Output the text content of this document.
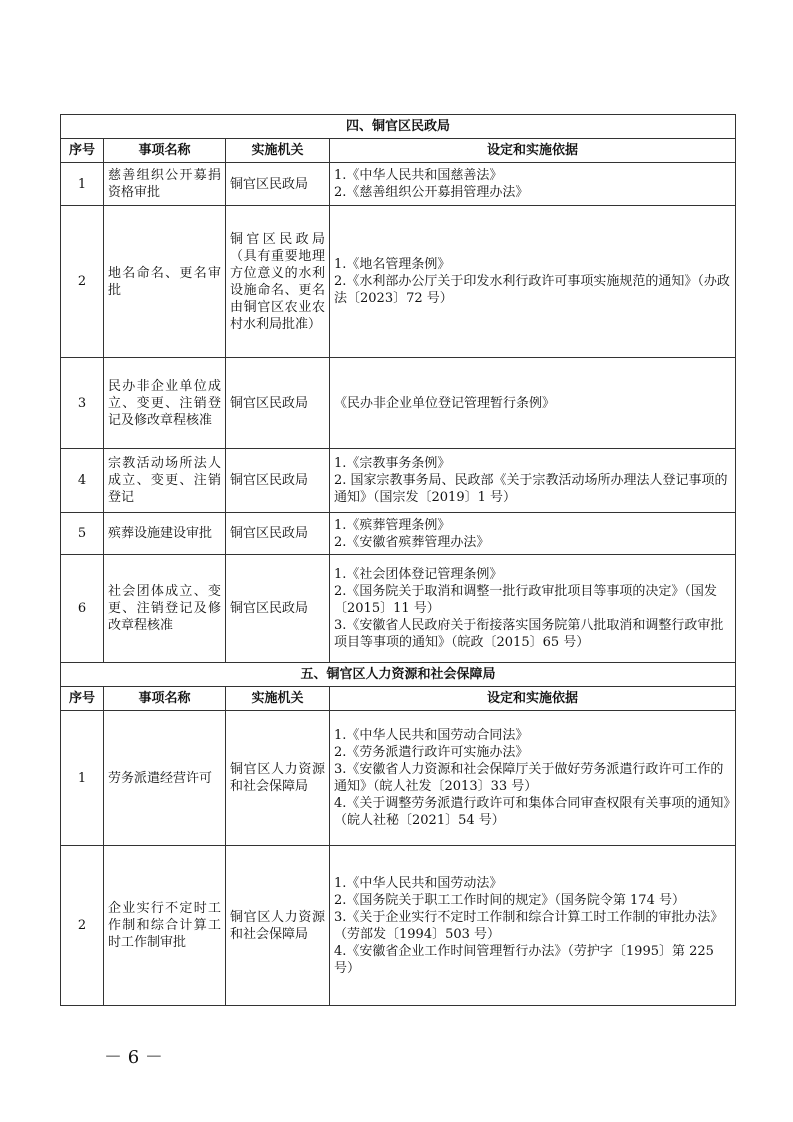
四、铜官区民政局			
序号	事项名称	实施机关	设定和实施依据
1	慈善组织公开募捐资格审批	铜官区民政局	1.《中华人民共和国慈善法》
2.《慈善组织公开募捐管理办法》

2	地名命名、更名审批	铜官区民政局（具有重要地理方位意义的水利设施命名、更名由铜官区农业农村水利局批准）	1.《地名管理条例》
2.《水利部办公厅关于印发水利行政许可事项实施规范的通知》（办政法〔2023〕72 号）

3	民办非企业单位成立、变更、注销登记及修改章程核准	铜官区民政局	《民办非企业单位登记管理暂行条例》

4	宗教活动场所法人成立、变更、注销登记	铜官区民政局	1.《宗教事务条例》
2. 国家宗教事务局、民政部《关于宗教活动场所办理法人登记事项的通知》（国宗发〔2019〕1 号）

5	殡葬设施建设审批	铜官区民政局	1.《殡葬管理条例》
2.《安徽省殡葬管理办法》

6	社会团体成立、变更、注销登记及修改章程核准	铜官区民政局	1.《社会团体登记管理条例》
2.《国务院关于取消和调整一批行政审批项目等事项的决定》（国发〔2015〕11 号）
3.《安徽省人民政府关于衔接落实国务院第八批取消和调整行政审批项目等事项的通知》（皖政〔2015〕65 号）

五、铜官区人力资源和社会保障局			
序号	事项名称	实施机关	设定和实施依据
1	劳务派遣经营许可	铜官区人力资源和社会保障局	1.《中华人民共和国劳动合同法》
2.《劳务派遣行政许可实施办法》
3.《安徽省人力资源和社会保障厅关于做好劳务派遣行政许可工作的通知》（皖人社发〔2013〕33 号）
4.《关于调整劳务派遣行政许可和集体合同审查权限有关事项的通知》（皖人社秘〔2021〕54 号）

2	企业实行不定时工作制和综合计算工时工作制审批	铜官区人力资源和社会保障局	1.《中华人民共和国劳动法》
2.《国务院关于职工工作时间的规定》（国务院令第 174 号）
3.《关于企业实行不定时工作制和综合计算工时工作制的审批办法》（劳部发〔1994〕503 号）
4.《安徽省企业工作时间管理暂行办法》（劳护字〔1995〕第 225 号）
－ 6 －
